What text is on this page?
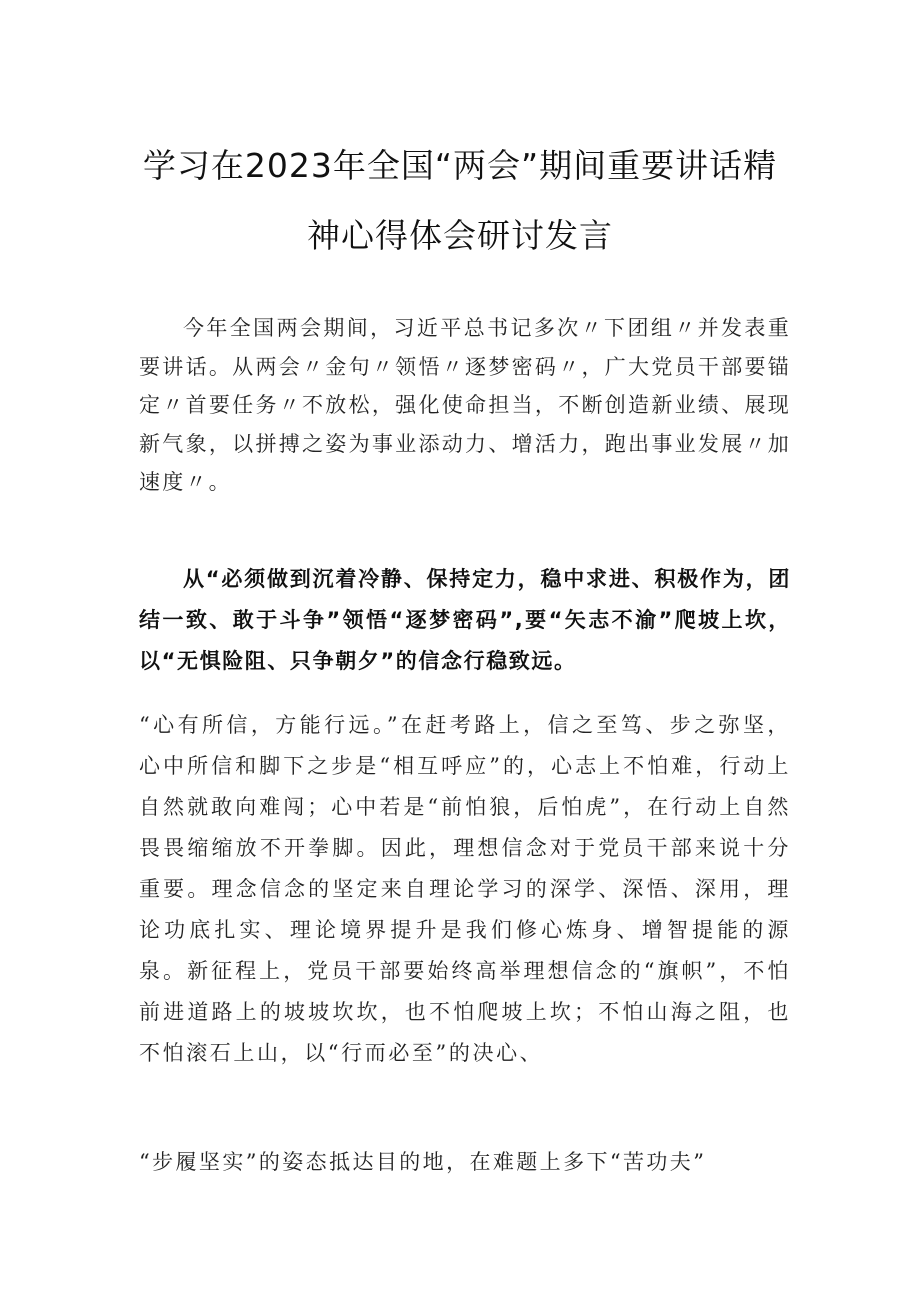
学习在2023年全国“两会”期间重要讲话精
神心得体会研讨发言
今年全国两会期间，习近平总书记多次〃下团组〃并发表重要讲话。从两会〃金句〃领悟〃逐梦密码〃，广大党员干部要锚定〃首要任务〃不放松，强化使命担当，不断创造新业绩、展现新气象，以拼搏之姿为事业添动力、增活力，跑出事业发展〃加速度〃。
从“必须做到沉着冷静、保持定力，稳中求进、积极作为，团结一致、敢于斗争”领悟“逐梦密码”,要“矢志不渝”爬坡上坎，以“无惧险阻、只争朝夕”的信念行稳致远。
“心有所信，方能行远。”在赶考路上，信之至笃、步之弥坚，心中所信和脚下之步是“相互呼应”的，心志上不怕难，行动上自然就敢向难闯；心中若是“前怕狼，后怕虎”，在行动上自然畏畏缩缩放不开拳脚。因此，理想信念对于党员干部来说十分重要。理念信念的坚定来自理论学习的深学、深悟、深用，理论功底扎实、理论境界提升是我们修心炼身、增智提能的源泉。新征程上，党员干部要始终高举理想信念的“旗帜”，不怕前进道路上的坡坡坎坎，也不怕爬坡上坎；不怕山海之阻，也不怕滚石上山，以“行而必至”的决心、
“步履坚实”的姿态抵达目的地，在难题上多下“苦功夫”
